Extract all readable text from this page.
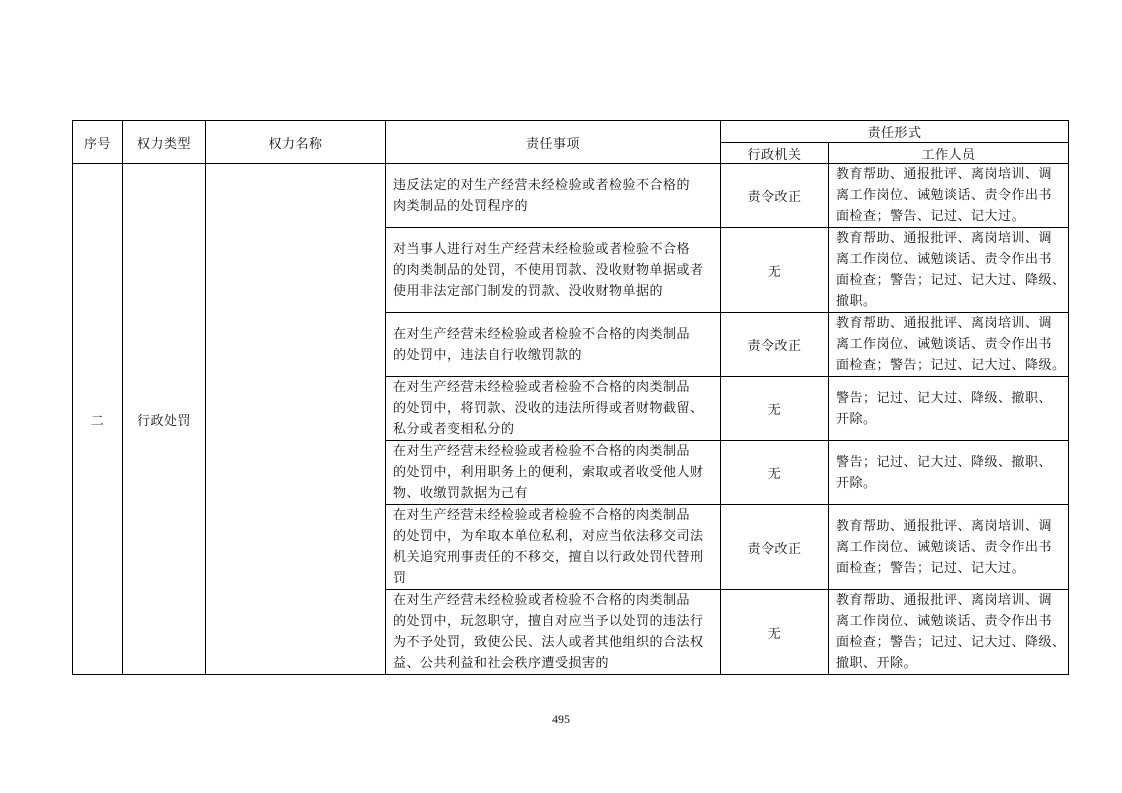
序号	权力类型	权力名称	责任事项	责任形式	
				行政机关	工作人员
二	行政处罚		违反法定的对生产经营未经检验或者检验不合格的
肉类制品的处罚程序的	责令改正	教育帮助、通报批评、离岗培训、调
离工作岗位、诫勉谈话、责令作出书
面检查；警告、记过、记大过。

			对当事人进行对生产经营未经检验或者检验不合格
的肉类制品的处罚，不使用罚款、没收财物单据或者
使用非法定部门制发的罚款、没收财物单据的	无	教育帮助、通报批评、离岗培训、调
离工作岗位、诫勉谈话、责令作出书
面检查；警告；记过、记大过、降级、
撤职。

			在对生产经营未经检验或者检验不合格的肉类制品
的处罚中，违法自行收缴罚款的	责令改正	教育帮助、通报批评、离岗培训、调
离工作岗位、诫勉谈话、责令作出书
面检查；警告；记过、记大过、降级。

			在对生产经营未经检验或者检验不合格的肉类制品
的处罚中，将罚款、没收的违法所得或者财物截留、
私分或者变相私分的	无	警告；记过、记大过、降级、撤职、
开除。

			在对生产经营未经检验或者检验不合格的肉类制品
的处罚中，利用职务上的便利，索取或者收受他人财
物、收缴罚款据为己有	无	警告；记过、记大过、降级、撤职、
开除。

			在对生产经营未经检验或者检验不合格的肉类制品
的处罚中，为牟取本单位私利，对应当依法移交司法
机关追究刑事责任的不移交，擅自以行政处罚代替刑
罚	责令改正	教育帮助、通报批评、离岗培训、调
离工作岗位、诫勉谈话、责令作出书
面检查；警告；记过、记大过。

			在对生产经营未经检验或者检验不合格的肉类制品
的处罚中，玩忽职守，擅自对应当予以处罚的违法行
为不予处罚，致使公民、法人或者其他组织的合法权
益、公共利益和社会秩序遭受损害的	无	教育帮助、通报批评、离岗培训、调
离工作岗位、诫勉谈话、责令作出书
面检查；警告；记过、记大过、降级、
撤职、开除。
495
